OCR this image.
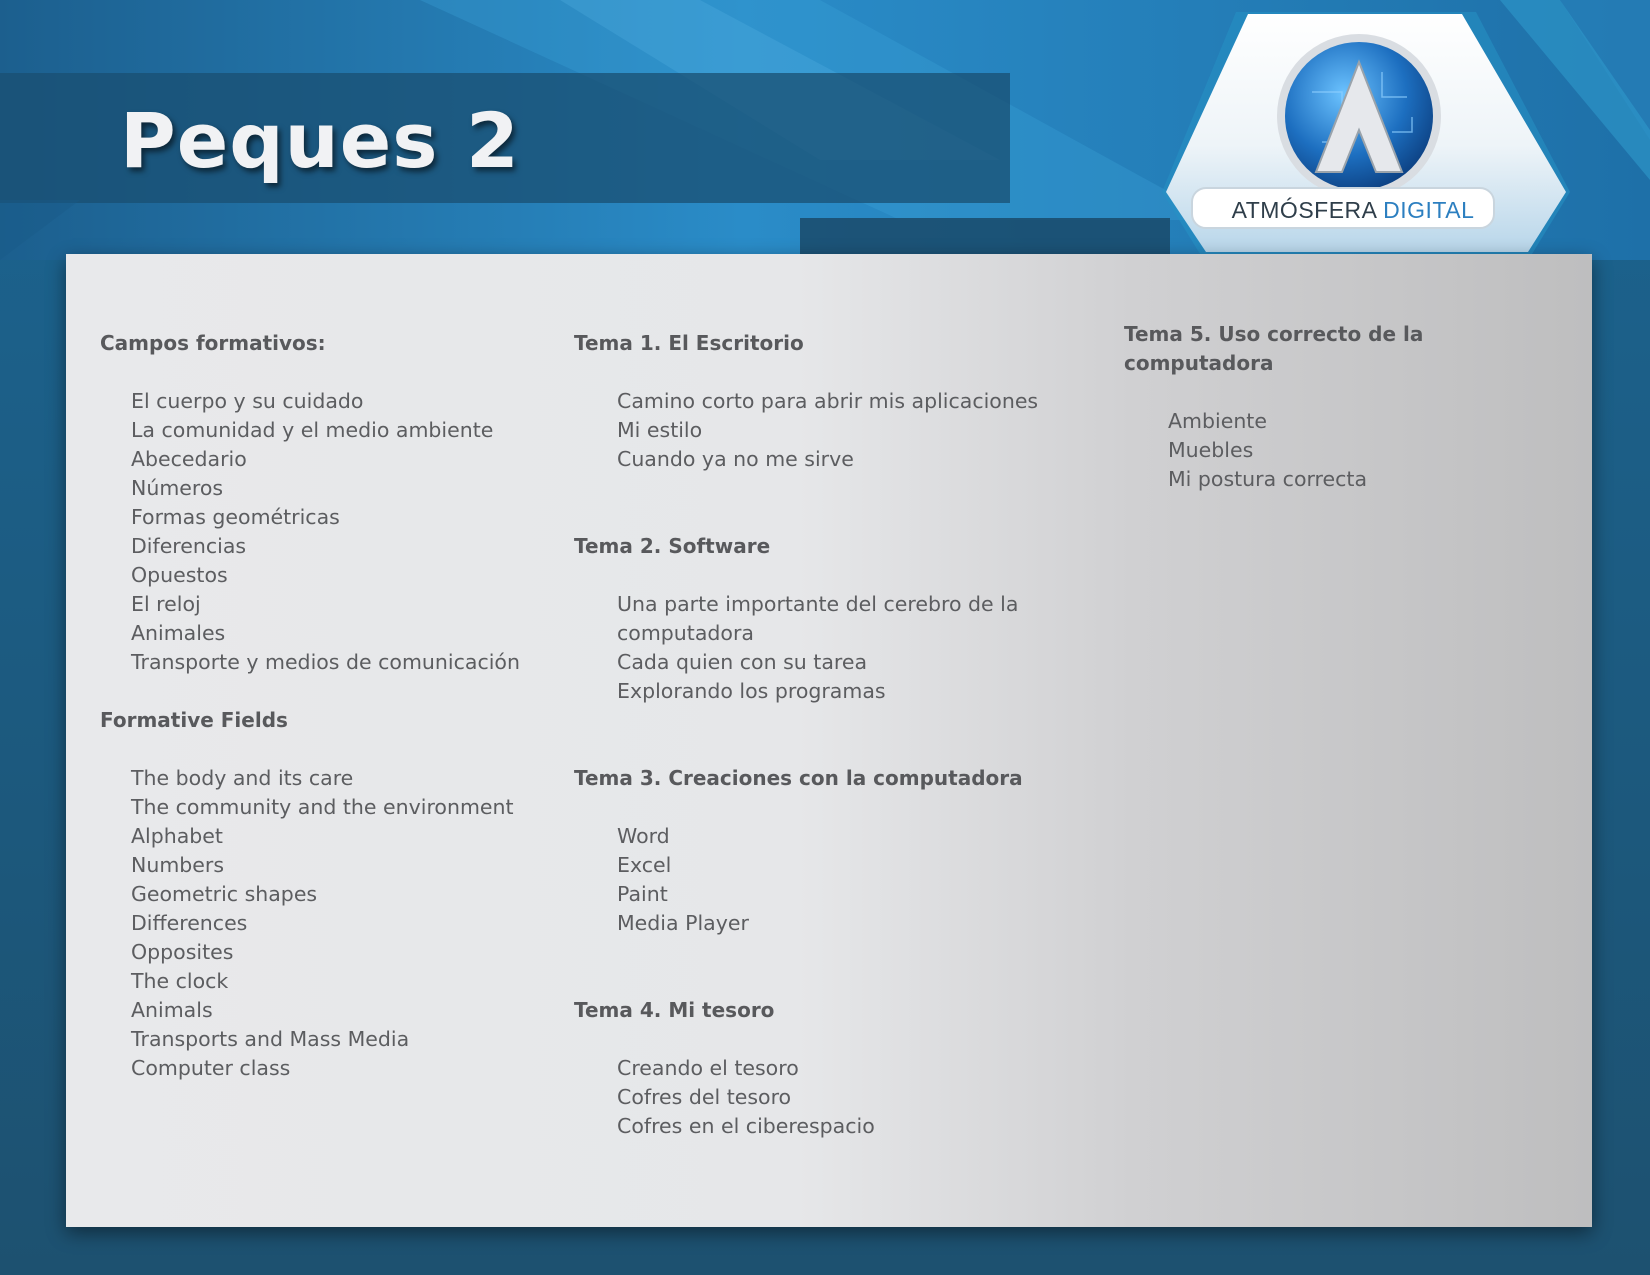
Peques 2
ATMÓSFERA DIGITAL
Campos formativos:
El cuerpo y su cuidado
La comunidad y el medio ambiente
Abecedario
Números
Formas geométricas
Diferencias
Opuestos
El reloj
Animales
Transporte y medios de comunicación
Formative Fields
The body and its care
The community and the environment
Alphabet
Numbers
Geometric shapes
Differences
Opposites
The clock
Animals
Transports and Mass Media
Computer class
Tema 1. El Escritorio
Camino corto para abrir mis aplicaciones
Mi estilo
Cuando ya no me sirve
Tema 2. Software
Una parte importante del cerebro de la
computadora
Cada quien con su tarea
Explorando los programas
Tema 3. Creaciones con la computadora
Word
Excel
Paint
Media Player
Tema 4. Mi tesoro
Creando el tesoro
Cofres del tesoro
Cofres en el ciberespacio
Tema 5. Uso correcto de la computadora
Ambiente
Muebles
Mi postura correcta
